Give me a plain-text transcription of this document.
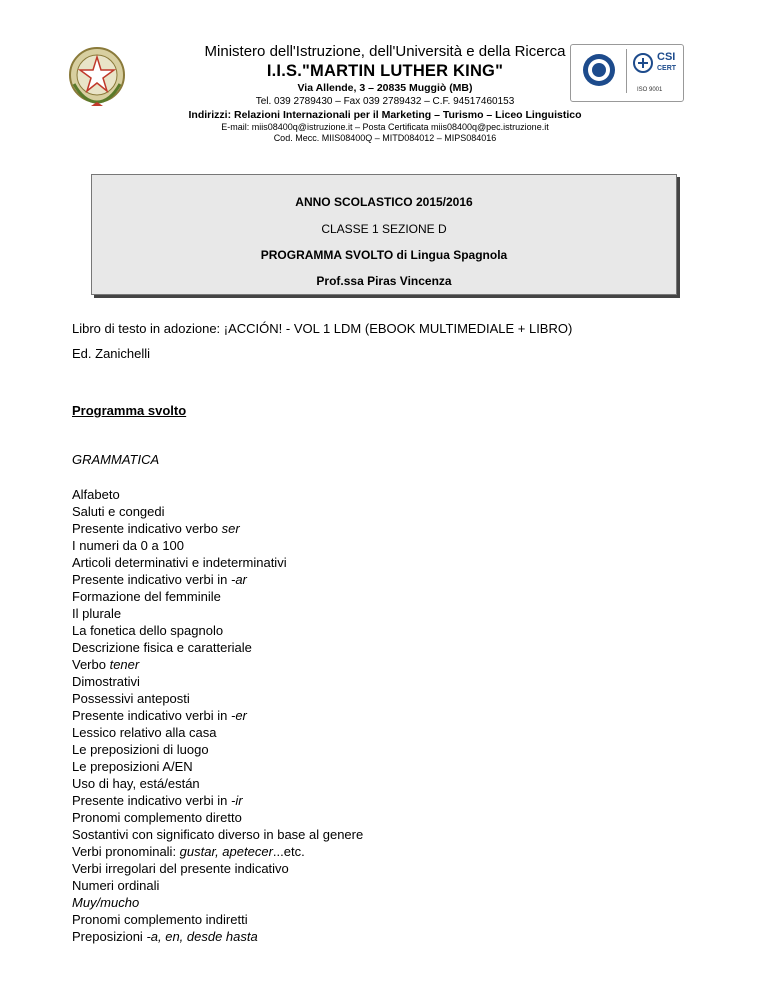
Ministero dell'Istruzione, dell'Università e della Ricerca
I.I.S."MARTIN LUTHER KING"
Via Allende, 3 – 20835 Muggiò (MB)
Tel. 039 2789430 – Fax 039 2789432 – C.F. 94517460153
Indirizzi: Relazioni Internazionali per il Marketing – Turismo – Liceo Linguistico
E-mail: miis08400q@istruzione.it – Posta Certificata miis08400q@pec.istruzione.it
Cod. Mecc. MIIS08400Q – MITD084012 – MIPS084016
CSI
CERT
ISO 9001
ANNO SCOLASTICO 2015/2016
CLASSE 1 SEZIONE D
PROGRAMMA SVOLTO di Lingua Spagnola
Prof.ssa Piras Vincenza
Libro di testo in adozione: ¡ACCIÓN! - VOL 1 LDM (EBOOK MULTIMEDIALE + LIBRO)
Ed. Zanichelli
Programma svolto
GRAMMATICA
Alfabeto
Saluti e congedi
Presente indicativo verbo ser
I numeri da 0 a 100
Articoli determinativi e indeterminativi
Presente indicativo verbi in -ar
Formazione del femminile
Il plurale
La fonetica dello spagnolo
Descrizione fisica e caratteriale
Verbo tener
Dimostrativi
Possessivi anteposti
Presente indicativo verbi in -er
Lessico relativo alla casa
Le preposizioni di luogo
Le preposizioni A/EN
Uso di hay, está/están
Presente indicativo verbi in -ir
Pronomi complemento diretto
Sostantivi con significato diverso in base al genere
Verbi pronominali: gustar, apetecer...etc.
Verbi irregolari del presente indicativo
Numeri ordinali
Muy/mucho
Pronomi complemento indiretti
Preposizioni -a, en, desde hasta
